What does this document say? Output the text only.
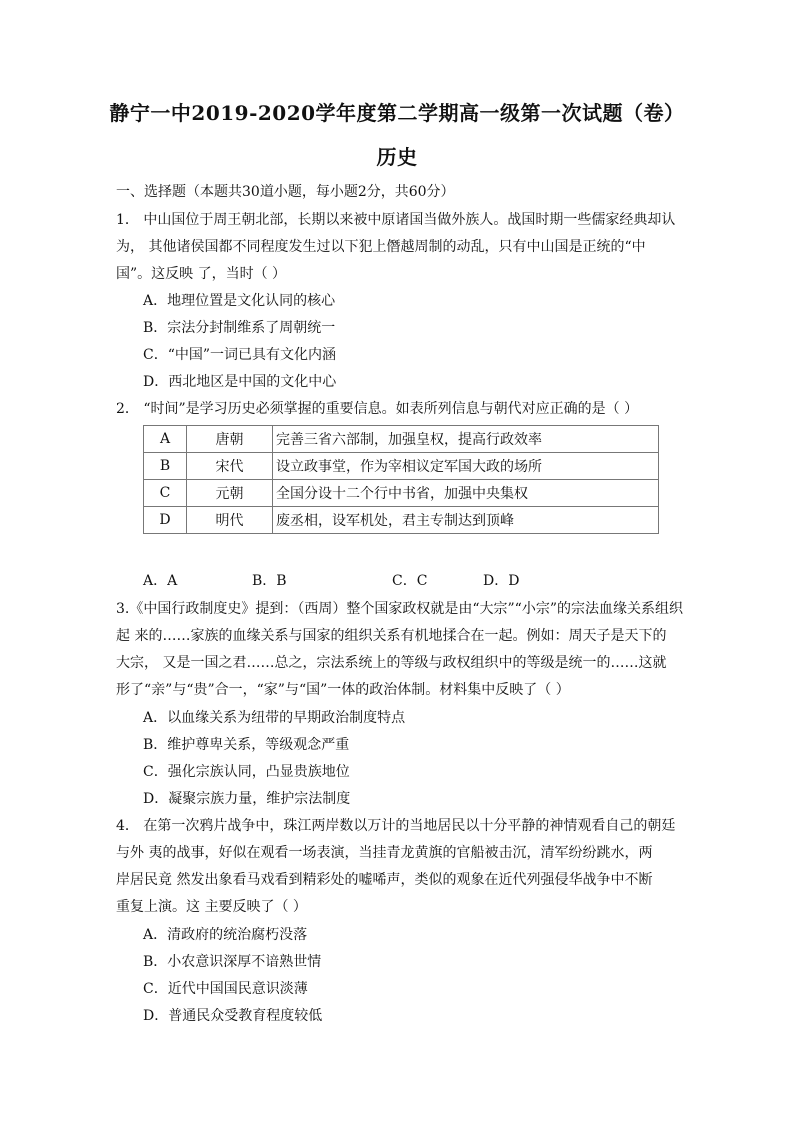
静宁一中2019-2020学年度第二学期高一级第一次试题（卷）
历史
一、选择题（本题共30道小题，每小题2分，共60分）
1． 中山国位于周王朝北部，长期以来被中原诸国当做外族人。战国时期一些儒家经典却认
为， 其他诸侯国都不同程度发生过以下犯上僭越周制的动乱，只有中山国是正统的“中
国”。这反映 了，当时（ ）
A．地理位置是文化认同的核心
B．宗法分封制维系了周朝统一
C．“中国”一词已具有文化内涵
D．西北地区是中国的文化中心
2． “时间”是学习历史必须掌握的重要信息。如表所列信息与朝代对应正确的是（ ）
A	唐朝	完善三省六部制，加强皇权，提高行政效率
B	宋代	设立政事堂，作为宰相议定军国大政的场所
C	元朝	全国分设十二个行中书省，加强中央集权
D	明代	废丞相，设军机处，君主专制达到顶峰
A．A	B．B	C．C	D．D
3.《中国行政制度史》提到：（西周）整个国家政权就是由“大宗”“小宗”的宗法血缘关系组织
起 来的……家族的血缘关系与国家的组织关系有机地揉合在一起。例如：周天子是天下的
大宗， 又是一国之君……总之，宗法系统上的等级与政权组织中的等级是统一的……这就
形了“亲”与“贵”合一，“家”与“国”一体的政治体制。材料集中反映了（ ）
A．以血缘关系为纽带的早期政治制度特点
B．维护尊卑关系，等级观念严重
C．强化宗族认同，凸显贵族地位
D．凝聚宗族力量，维护宗法制度
4． 在第一次鸦片战争中，珠江两岸数以万计的当地居民以十分平静的神情观看自己的朝廷
与外 夷的战事，好似在观看一场表演，当挂青龙黄旗的官船被击沉，清军纷纷跳水，两
岸居民竟 然发出象看马戏看到精彩处的嘘唏声，类似的观象在近代列强侵华战争中不断
重复上演。这 主要反映了（ ）
A．清政府的统治腐朽没落
B．小农意识深厚不谙熟世情
C．近代中国国民意识淡薄
D．普通民众受教育程度较低
